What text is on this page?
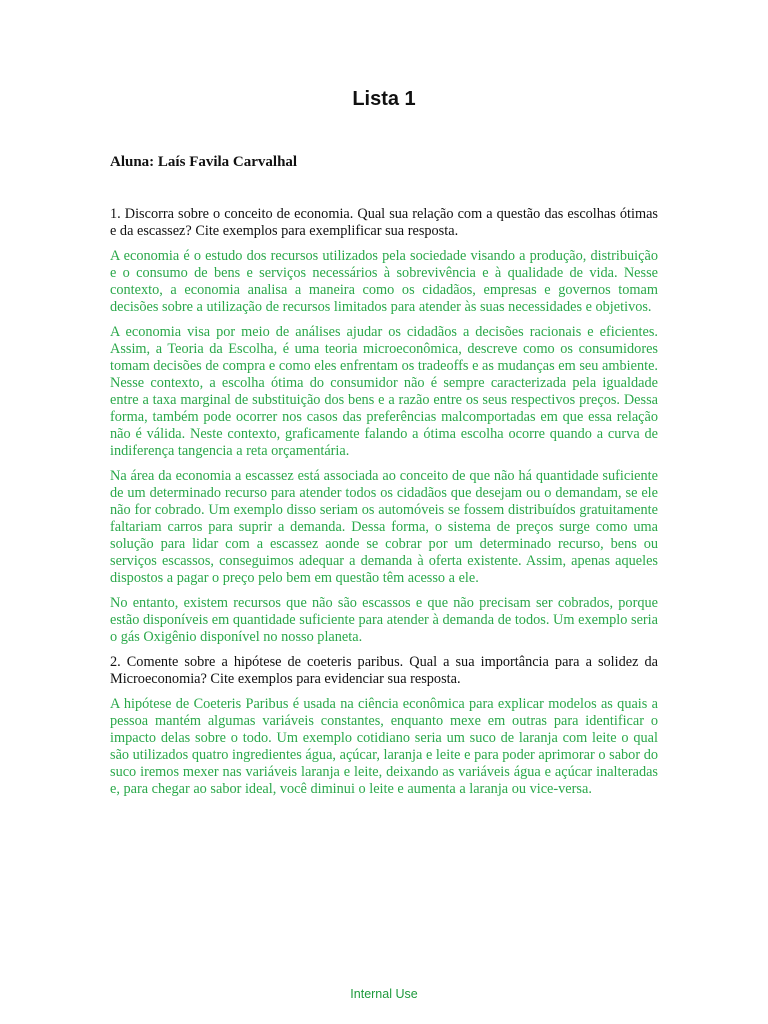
Lista 1

Aluna: Laís Favila Carvalhal

1. Discorra sobre o conceito de economia. Qual sua relação com a questão das escolhas ótimas e da escassez? Cite exemplos para exemplificar sua resposta.

A economia é o estudo dos recursos utilizados pela sociedade visando a produção, distribuição e o consumo de bens e serviços necessários à sobrevivência e à qualidade de vida. Nesse contexto, a economia analisa a maneira como os cidadãos, empresas e governos tomam decisões sobre a utilização de recursos limitados para atender às suas necessidades e objetivos.

A economia visa por meio de análises ajudar os cidadãos a decisões racionais e eficientes. Assim, a Teoria da Escolha, é uma teoria microeconômica, descreve como os consumidores tomam decisões de compra e como eles enfrentam os tradeoffs e as mudanças em seu ambiente. Nesse contexto, a escolha ótima do consumidor não é sempre caracterizada pela igualdade entre a taxa marginal de substituição dos bens e a razão entre os seus respectivos preços. Dessa forma, também pode ocorrer nos casos das preferências malcomportadas em que essa relação não é válida. Neste contexto, graficamente falando a ótima escolha ocorre quando a curva de indiferença tangencia a reta orçamentária.

Na área da economia a escassez está associada ao conceito de que não há quantidade suficiente de um determinado recurso para atender todos os cidadãos que desejam ou o demandam, se ele não for cobrado. Um exemplo disso seriam os automóveis se fossem distribuídos gratuitamente faltariam carros para suprir a demanda. Dessa forma, o sistema de preços surge como uma solução para lidar com a escassez aonde se cobrar por um determinado recurso, bens ou serviços escassos, conseguimos adequar a demanda à oferta existente. Assim, apenas aqueles dispostos a pagar o preço pelo bem em questão têm acesso a ele.

No entanto, existem recursos que não são escassos e que não precisam ser cobrados, porque estão disponíveis em quantidade suficiente para atender à demanda de todos. Um exemplo seria o gás Oxigênio disponível no nosso planeta.

2. Comente sobre a hipótese de coeteris paribus. Qual a sua importância para a solidez da Microeconomia? Cite exemplos para evidenciar sua resposta.

A hipótese de Coeteris Paribus é usada na ciência econômica para explicar modelos as quais a pessoa mantém algumas variáveis constantes, enquanto mexe em outras para identificar o impacto delas sobre o todo. Um exemplo cotidiano seria um suco de laranja com leite o qual são utilizados quatro ingredientes água, açúcar, laranja e leite e para poder aprimorar o sabor do suco iremos mexer nas variáveis laranja e leite, deixando as variáveis água e açúcar inalteradas e, para chegar ao sabor ideal, você diminui o leite e aumenta a laranja ou vice-versa.

Internal Use
